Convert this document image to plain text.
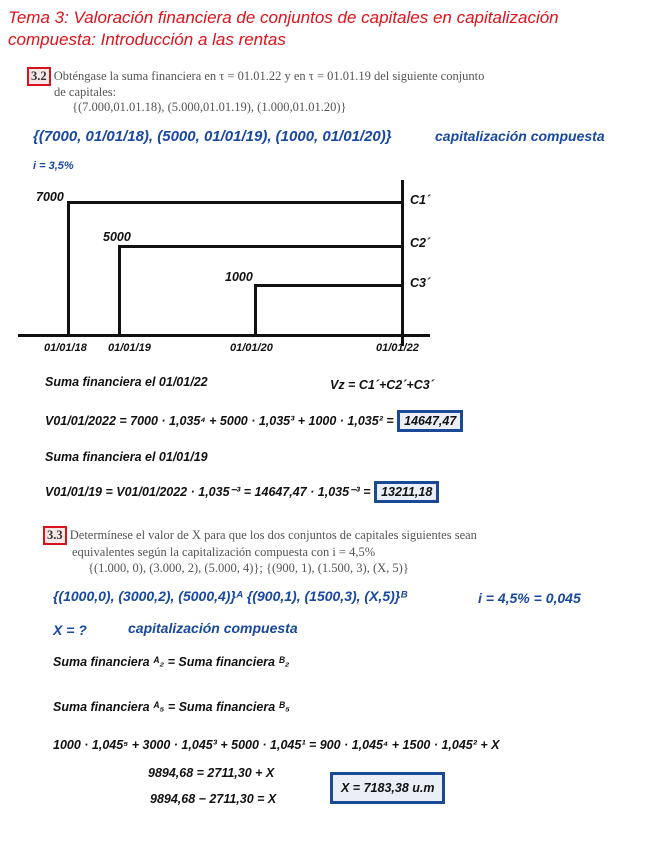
Tema 3: Valoración financiera de conjuntos de capitales en capitalización
compuesta: Introducción a las rentas
3.2 Obténgase la suma financiera en τ = 01.01.22 y en τ = 01.01.19 del siguiente conjunto
de capitales:
{(7.000,01.01.18), (5.000,01.01.19), (1.000,01.01.20)}
{(7000, 01/01/18), (5000, 01/01/19), (1000, 01/01/20)}	capitalización compuesta
i = 3,5%
7000
5000
1000
C1´
C2´
C3´
01/01/18 01/01/19	01/01/20	01/01/22
Suma financiera el 01/01/22	Vz = C1´+C2´+C3´
V01/01/2022 = 7000 · 1,035⁴ + 5000 · 1,035³ + 1000 · 1,035² = 14647,47
Suma financiera el 01/01/19
V01/01/19 = V01/01/2022 · 1,035⁻³ = 14647,47 · 1,035⁻³ = 13211,18
3.3 Determínese el valor de X para que los dos conjuntos de capitales siguientes sean
equivalentes según la capitalización compuesta con i = 4,5%
{(1.000, 0), (3.000, 2), (5.000, 4)}; {(900, 1), (1.500, 3), (X, 5)}
{(1000,0), (3000,2), (5000,4)}ᴬ {(900,1), (1500,3), (X,5)}ᴮ	i = 4,5% = 0,045
X = ?	capitalización compuesta
Suma financiera ᴬ₂ = Suma financiera ᴮ₂
Suma financiera ᴬ₅ = Suma financiera ᴮ₅
1000 · 1,045⁵ + 3000 · 1,045³ + 5000 · 1,045¹ = 900 · 1,045⁴ + 1500 · 1,045² + X
9894,68 = 2711,30 + X
9894,68 − 2711,30 = X
X = 7183,38 u.m
